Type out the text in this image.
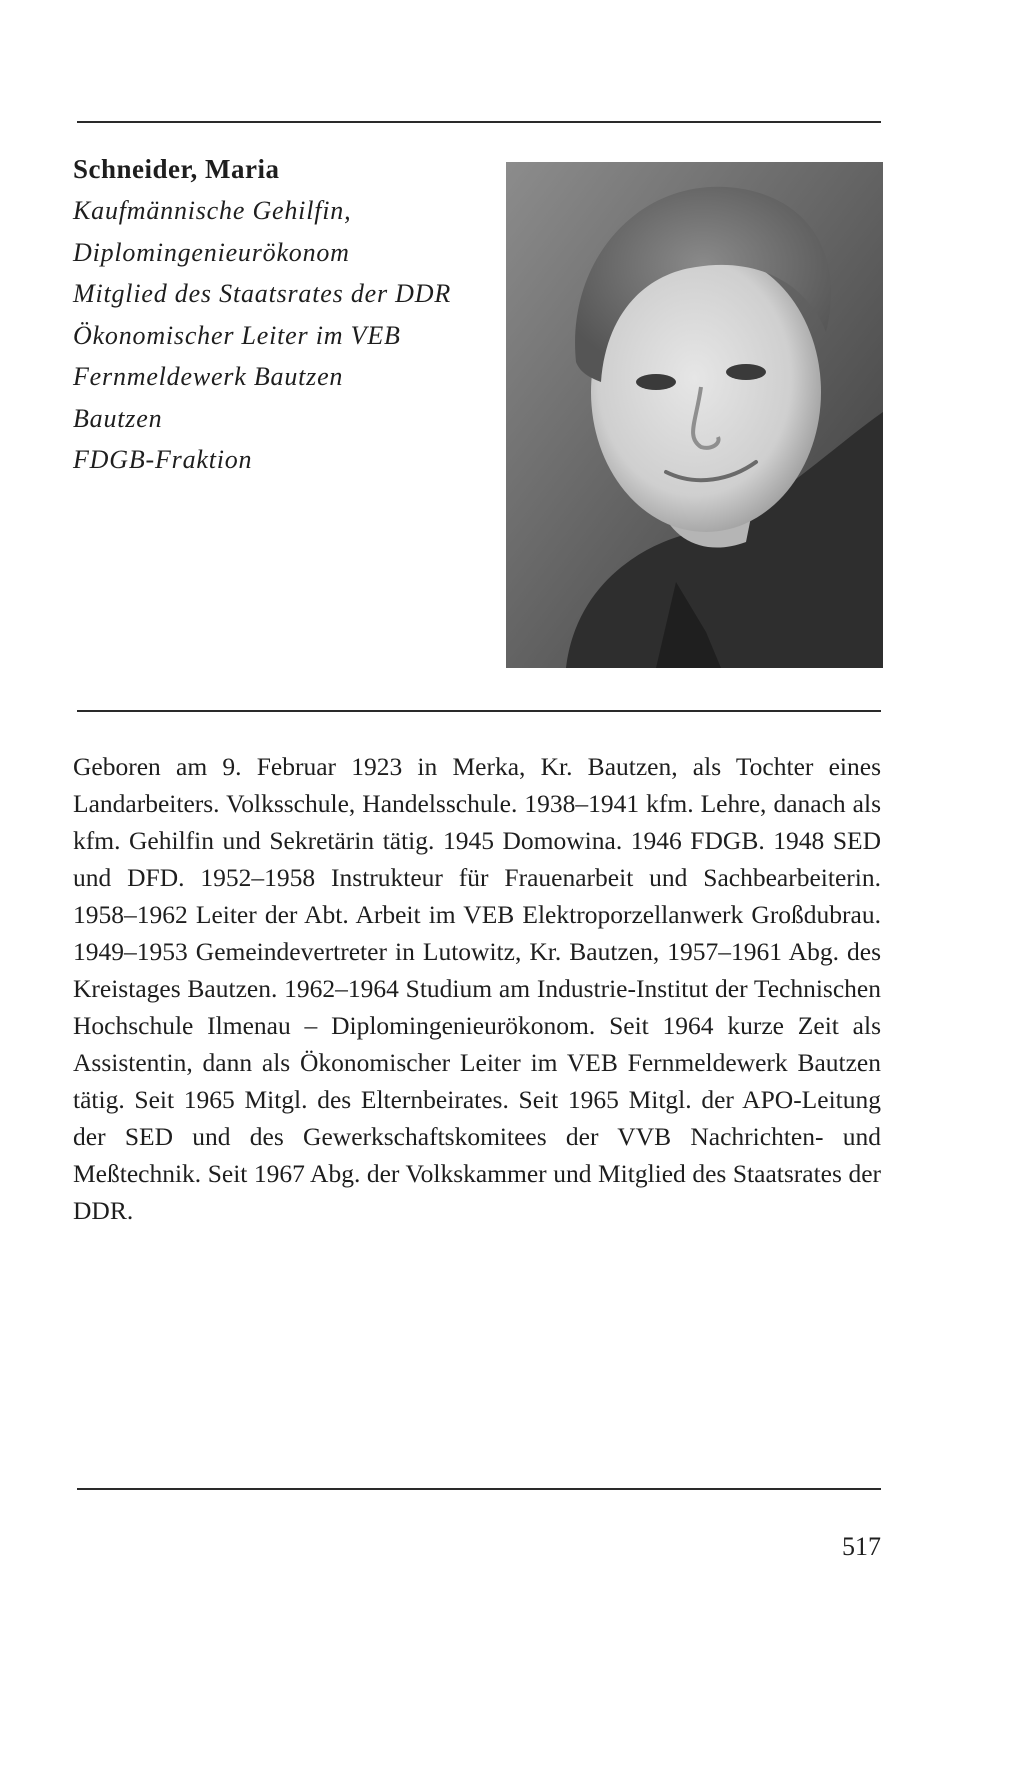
Schneider, Maria
Kaufmännische Gehilfin,
Diplomingenieurökonom
Mitglied des Staatsrates der DDR
Ökonomischer Leiter im VEB
Fernmeldewerk Bautzen
Bautzen
FDGB-Fraktion

Geboren am 9. Februar 1923 in Merka, Kr. Bautzen, als Tochter eines Landarbeiters. Volksschule, Handelsschule. 1938–1941 kfm. Lehre, danach als kfm. Gehilfin und Sekretärin tätig. 1945 Domowina. 1946 FDGB. 1948 SED und DFD. 1952–1958 Instrukteur für Frauenarbeit und Sachbearbeiterin. 1958–1962 Leiter der Abt. Arbeit im VEB Elektroporzellanwerk Großdubrau. 1949–1953 Gemeindevertreter in Lutowitz, Kr. Bautzen, 1957–1961 Abg. des Kreistages Bautzen. 1962–1964 Studium am Industrie-Institut der Technischen Hochschule Ilmenau – Diplomingenieurökonom. Seit 1964 kurze Zeit als Assistentin, dann als Ökonomischer Leiter im VEB Fernmeldewerk Bautzen tätig. Seit 1965 Mitgl. des Elternbeirates. Seit 1965 Mitgl. der APO-Leitung der SED und des Gewerkschaftskomitees der VVB Nachrichten- und Meßtechnik. Seit 1967 Abg. der Volkskammer und Mitglied des Staatsrates der DDR.

517
